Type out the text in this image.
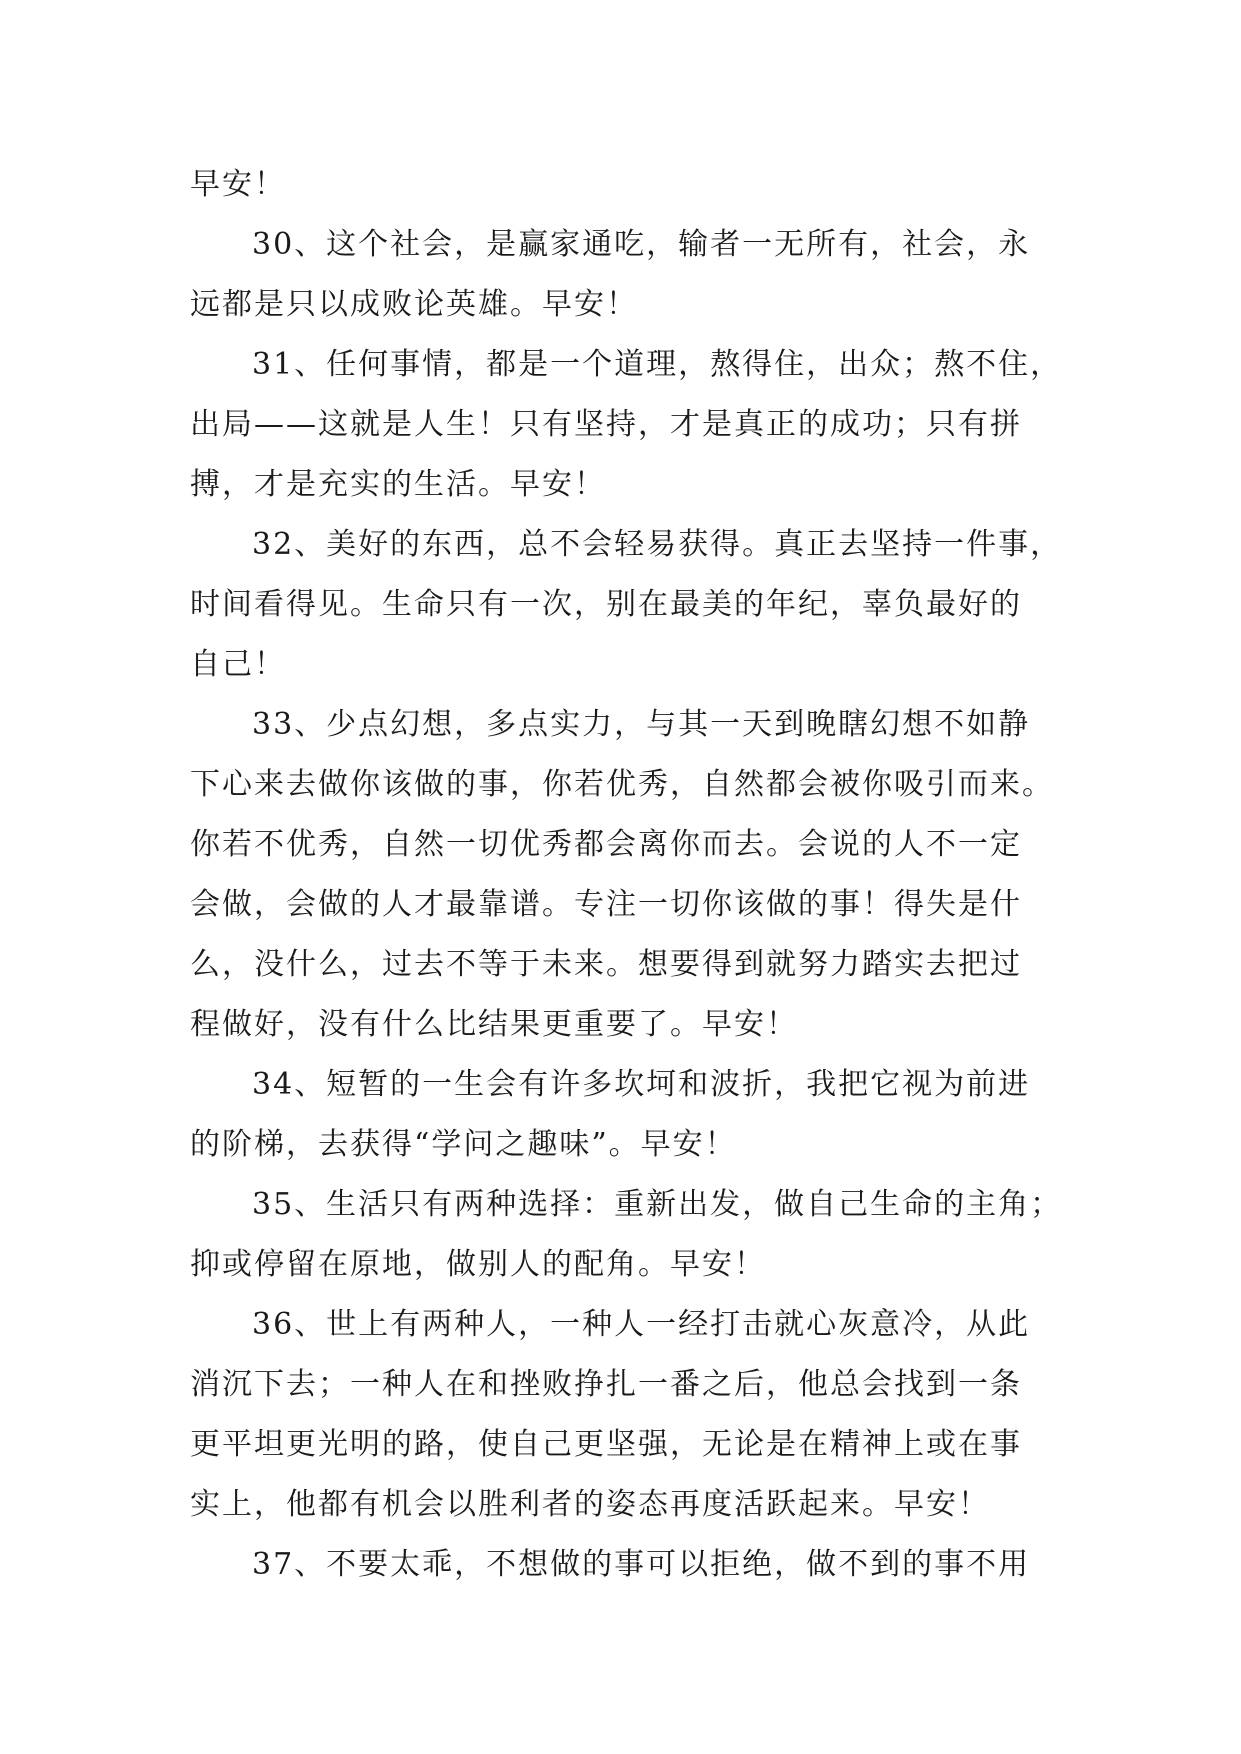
早安！
30、这个社会，是赢家通吃，输者一无所有，社会，永
远都是只以成败论英雄。早安！
31、任何事情，都是一个道理，熬得住，出众；熬不住，
出局——这就是人生！只有坚持，才是真正的成功；只有拼
搏，才是充实的生活。早安！
32、美好的东西，总不会轻易获得。真正去坚持一件事，
时间看得见。生命只有一次，别在最美的年纪，辜负最好的
自己！
33、少点幻想，多点实力，与其一天到晚瞎幻想不如静
下心来去做你该做的事，你若优秀，自然都会被你吸引而来。
你若不优秀，自然一切优秀都会离你而去。会说的人不一定
会做，会做的人才最靠谱。专注一切你该做的事！得失是什
么，没什么，过去不等于未来。想要得到就努力踏实去把过
程做好，没有什么比结果更重要了。早安！
34、短暂的一生会有许多坎坷和波折，我把它视为前进
的阶梯，去获得“学问之趣味”。早安！
35、生活只有两种选择：重新出发，做自己生命的主角；
抑或停留在原地，做别人的配角。早安！
36、世上有两种人，一种人一经打击就心灰意冷，从此
消沉下去；一种人在和挫败挣扎一番之后，他总会找到一条
更平坦更光明的路，使自己更坚强，无论是在精神上或在事
实上，他都有机会以胜利者的姿态再度活跃起来。早安！
37、不要太乖，不想做的事可以拒绝，做不到的事不用
